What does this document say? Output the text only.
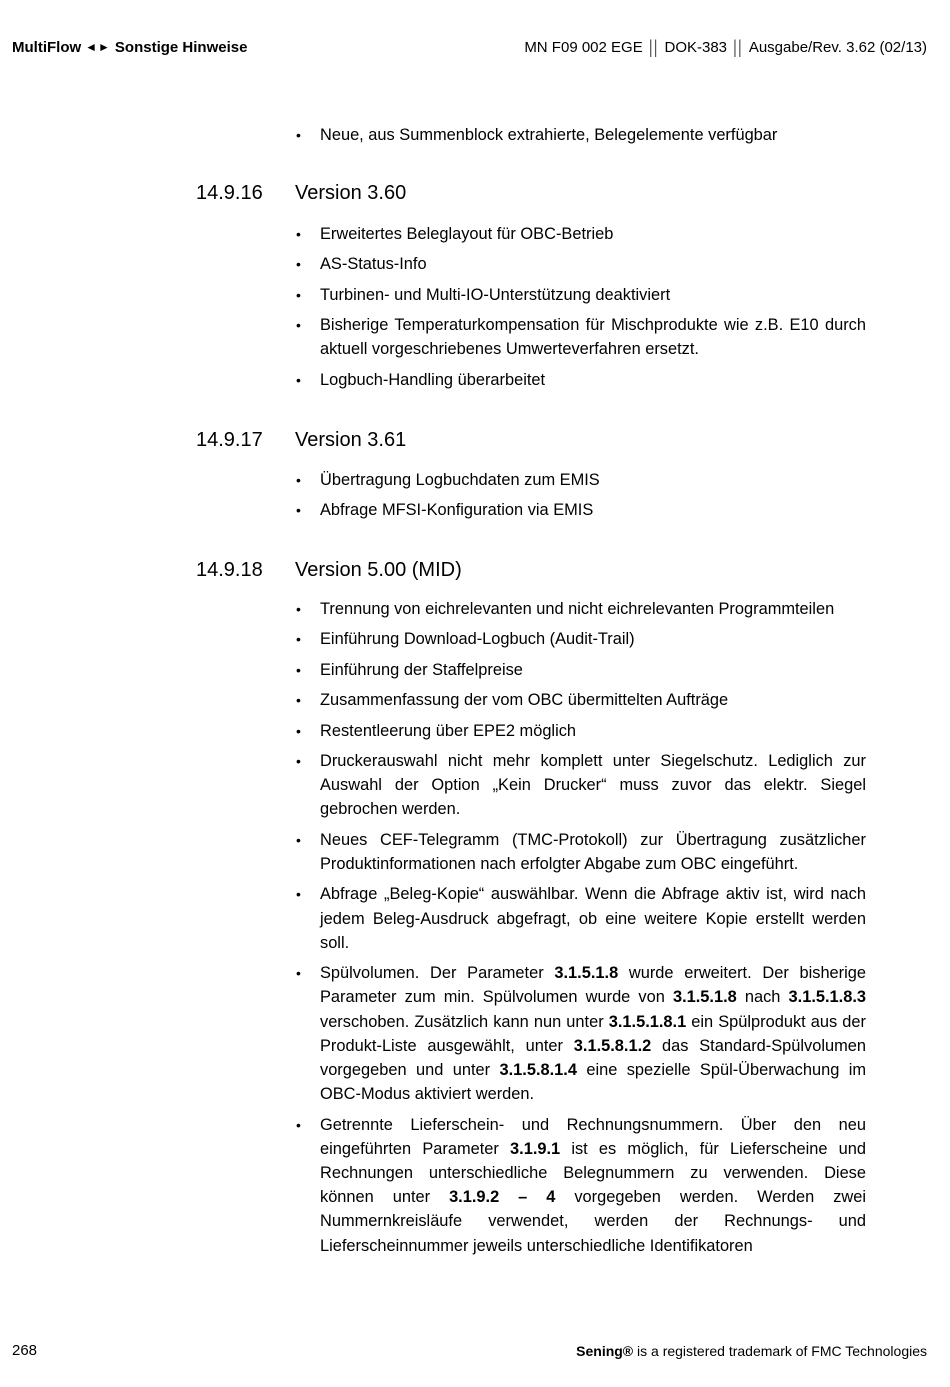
MultiFlow ◄► Sonstige Hinweise	MN F09 002 EGE || DOK-383 || Ausgabe/Rev. 3.62 (02/13)
• Neue, aus Summenblock extrahierte, Belegelemente verfügbar
14.9.16 Version 3.60
• Erweitertes Beleglayout für OBC-Betrieb
• AS-Status-Info
• Turbinen- und Multi-IO-Unterstützung deaktiviert
• Bisherige Temperaturkompensation für Mischprodukte wie z.B. E10 durch aktuell vorgeschriebenes Umwerteverfahren ersetzt.
• Logbuch-Handling überarbeitet
14.9.17 Version 3.61
• Übertragung Logbuchdaten zum EMIS
• Abfrage MFSI-Konfiguration via EMIS
14.9.18 Version 5.00 (MID)
• Trennung von eichrelevanten und nicht eichrelevanten Programmteilen
• Einführung Download-Logbuch (Audit-Trail)
• Einführung der Staffelpreise
• Zusammenfassung der vom OBC übermittelten Aufträge
• Restentleerung über EPE2 möglich
• Druckerauswahl nicht mehr komplett unter Siegelschutz. Lediglich zur Auswahl der Option „Kein Drucker“ muss zuvor das elektr. Siegel gebrochen werden.
• Neues CEF-Telegramm (TMC-Protokoll) zur Übertragung zusätzlicher Produktinformationen nach erfolgter Abgabe zum OBC eingeführt.
• Abfrage „Beleg-Kopie“ auswählbar. Wenn die Abfrage aktiv ist, wird nach jedem Beleg-Ausdruck abgefragt, ob eine weitere Kopie erstellt werden soll.
• Spülvolumen. Der Parameter 3.1.5.1.8 wurde erweitert. Der bisherige Parameter zum min. Spülvolumen wurde von 3.1.5.1.8 nach 3.1.5.1.8.3 verschoben. Zusätzlich kann nun unter 3.1.5.1.8.1 ein Spülprodukt aus der Produkt-Liste ausgewählt, unter 3.1.5.8.1.2 das Standard-Spülvolumen vorgegeben und unter 3.1.5.8.1.4 eine spezielle Spül-Überwachung im OBC-Modus aktiviert werden.
• Getrennte Lieferschein- und Rechnungsnummern. Über den neu eingeführten Parameter 3.1.9.1 ist es möglich, für Lieferscheine und Rechnungen unterschiedliche Belegnummern zu verwenden. Diese können unter 3.1.9.2 – 4 vorgegeben werden. Werden zwei Nummernkreisläufe verwendet, werden der Rechnungs- und Lieferscheinnummer jeweils unterschiedliche Identifikatoren
268	Sening® is a registered trademark of FMC Technologies
